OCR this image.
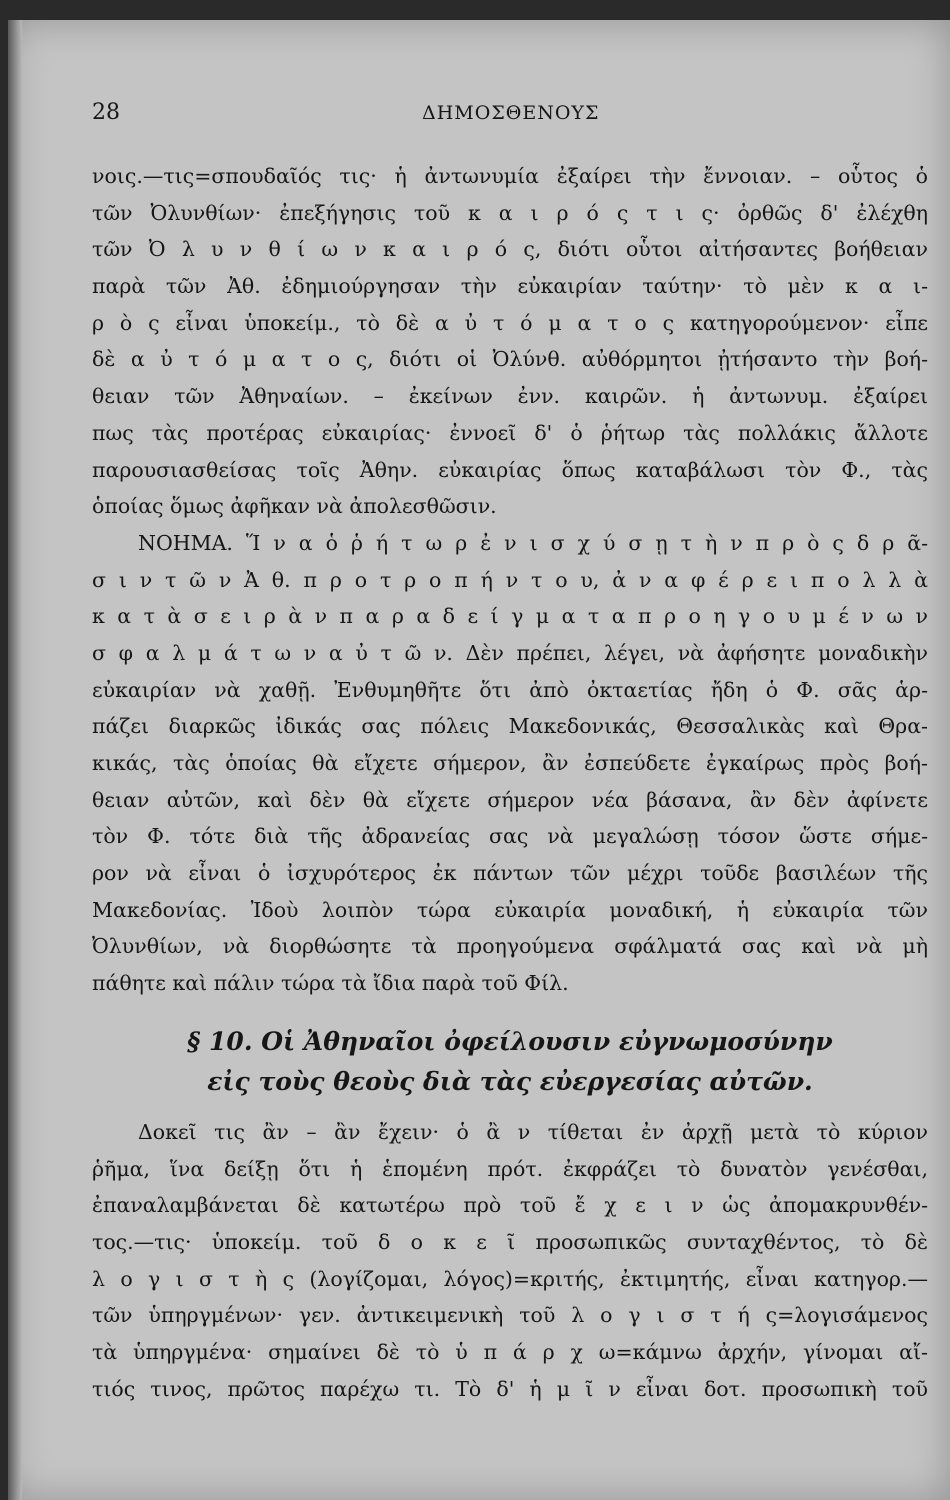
28	ΔΗΜΟΣΘΕΝΟΥΣ
νοις.—τις=σπουδαῖός τις· ἡ ἀντωνυμία ἐξαίρει τὴν ἔννοιαν. – οὗτος ὁ
τῶν Ὀλυνθίων· ἐπεξήγησις τοῦ κ α ι ρ ό ς τ ι ς· ὀρθῶς δ' ἐλέχθη
τῶν Ὀ λ υ ν θ ί ω ν κ α ι ρ ό ς, διότι οὗτοι αἰτήσαντες βοήθειαν
παρὰ τῶν Ἀθ. ἐδημιούργησαν τὴν εὐκαιρίαν ταύτην· τὸ μὲν κ α ι-
ρ ὸ ς εἶναι ὑποκείμ., τὸ δὲ α ὐ τ ό μ α τ ο ς κατηγορούμενον· εἶπε
δὲ α ὐ τ ό μ α τ ο ς, διότι οἱ Ὀλύνθ. αὐθόρμητοι ᾐτήσαντο τὴν βοή-
θειαν τῶν Ἀθηναίων. – ἐκείνων ἐνν. καιρῶν. ἡ ἀντωνυμ. ἐξαίρει
πως τὰς προτέρας εὐκαιρίας· ἐννοεῖ δ' ὁ ῥήτωρ τὰς πολλάκις ἄλλοτε
παρουσιασθείσας τοῖς Ἀθην. εὐκαιρίας ὅπως καταβάλωσι τὸν Φ., τὰς
ὁποίας ὅμως ἀφῆκαν νὰ ἀπολεσθῶσιν.
ΝΟΗΜΑ. Ἵ ν α ὁ ῥ ή τ ω ρ ἐ ν ι σ χ ύ σ ῃ τ ὴ ν π ρ ὸ ς δ ρ ᾶ-
σ ι ν τ ῶ ν Ἀ θ. π ρ ο τ ρ ο π ή ν τ ο υ, ἀ ν α φ έ ρ ε ι π ο λ λ ὰ
κ α τ ὰ σ ε ι ρ ὰ ν π α ρ α δ ε ί γ μ α τ α π ρ ο η γ ο υ μ έ ν ω ν
σ φ α λ μ ά τ ω ν α ὐ τ ῶ ν. Δὲν πρέπει, λέγει, νὰ ἀφήσητε μοναδικὴν
εὐκαιρίαν νὰ χαθῇ. Ἐνθυμηθῆτε ὅτι ἀπὸ ὀκταετίας ἤδη ὁ Φ. σᾶς ἁρ-
πάζει διαρκῶς ἰδικάς σας πόλεις Μακεδονικάς, Θεσσαλικὰς καὶ Θρα-
κικάς, τὰς ὁποίας θὰ εἴχετε σήμερον, ἂν ἐσπεύδετε ἐγκαίρως πρὸς βοή-
θειαν αὐτῶν, καὶ δὲν θὰ εἴχετε σήμερον νέα βάσανα, ἂν δὲν ἀφίνετε
τὸν Φ. τότε διὰ τῆς ἀδρανείας σας νὰ μεγαλώσῃ τόσον ὥστε σήμε-
ρον νὰ εἶναι ὁ ἰσχυρότερος ἐκ πάντων τῶν μέχρι τοῦδε βασιλέων τῆς
Μακεδονίας. Ἰδοὺ λοιπὸν τώρα εὐκαιρία μοναδική, ἡ εὐκαιρία τῶν
Ὀλυνθίων, νὰ διορθώσητε τὰ προηγούμενα σφάλματά σας καὶ νὰ μὴ
πάθητε καὶ πάλιν τώρα τὰ ἴδια παρὰ τοῦ Φίλ.
§ 10. Οἱ Ἀθηναῖοι ὀφείλουσιν εὐγνωμοσύνην
εἰς τοὺς θεοὺς διὰ τὰς εὐεργεσίας αὐτῶν.
Δοκεῖ τις ἂν – ἂν ἔχειν· ὁ ἂ ν τίθεται ἐν ἀρχῇ μετὰ τὸ κύριον
ῥῆμα, ἵνα δείξῃ ὅτι ἡ ἑπομένη πρότ. ἐκφράζει τὸ δυνατὸν γενέσθαι,
ἐπαναλαμβάνεται δὲ κατωτέρω πρὸ τοῦ ἔ χ ε ι ν ὡς ἀπομακρυνθέν-
τος.—τις· ὑποκείμ. τοῦ δ ο κ ε ῖ προσωπικῶς συνταχθέντος, τὸ δὲ
λ ο γ ι σ τ ὴ ς (λογίζομαι, λόγος)=κριτής, ἐκτιμητής, εἶναι κατηγορ.—
τῶν ὑπηργμένων· γεν. ἀντικειμενικὴ τοῦ λ ο γ ι σ τ ή ς=λογισάμενος
τὰ ὑπηργμένα· σημαίνει δὲ τὸ ὑ π ά ρ χ ω=κάμνω ἀρχήν, γίνομαι αἴ-
τιός τινος, πρῶτος παρέχω τι. Τὸ δ' ἡ μ ῖ ν εἶναι δοτ. προσωπικὴ τοῦ
